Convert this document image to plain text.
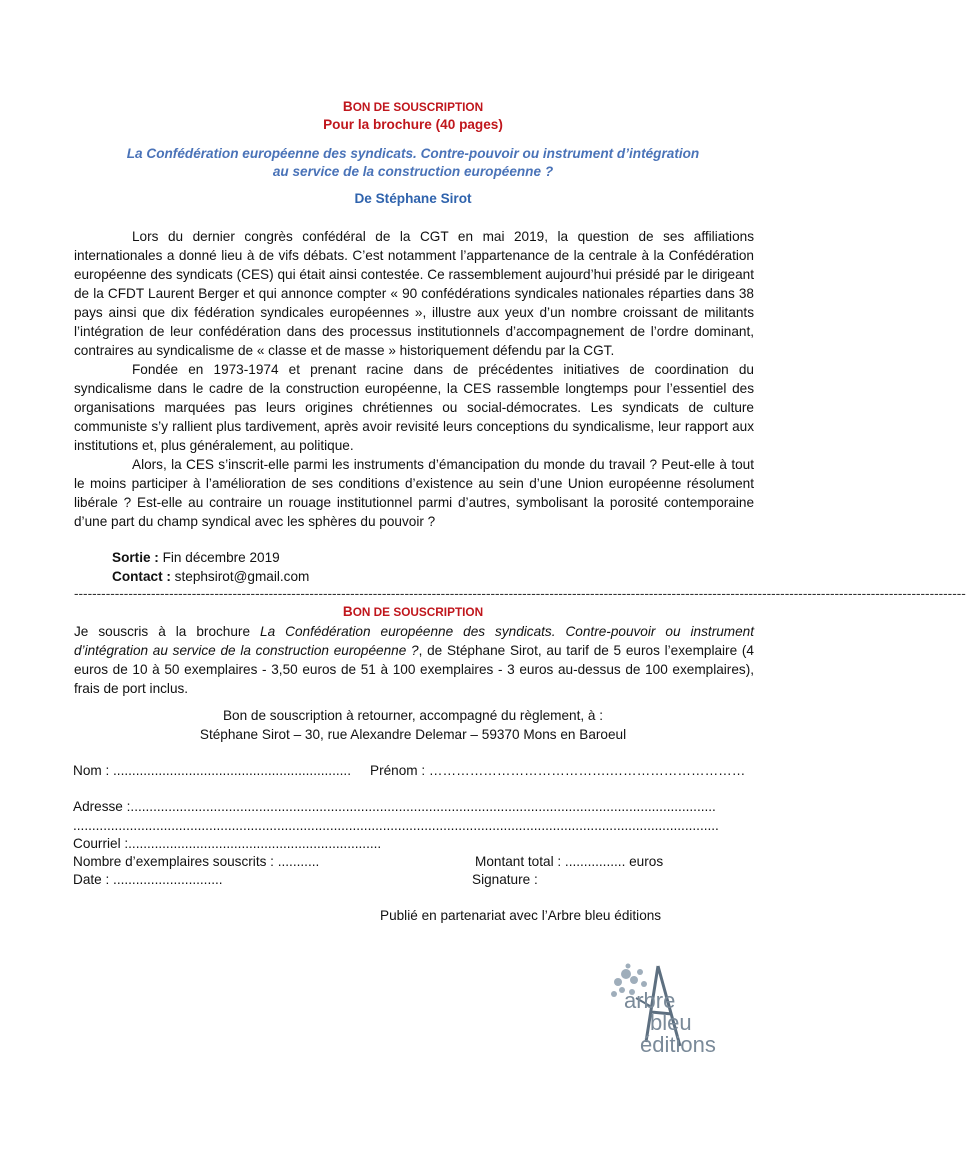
BON DE SOUSCRIPTION
Pour la brochure (40 pages)
La Confédération européenne des syndicats. Contre-pouvoir ou instrument d’intégration
au service de la construction européenne ?
De Stéphane Sirot

Lors du dernier congrès confédéral de la CGT en mai 2019, la question de ses affiliations internationales a donné lieu à de vifs débats. C’est notamment l’appartenance de la centrale à la Confédération européenne des syndicats (CES) qui était ainsi contestée. Ce rassemblement aujourd’hui présidé par le dirigeant de la CFDT Laurent Berger et qui annonce compter « 90 confédérations syndicales nationales réparties dans 38 pays ainsi que dix fédération syndicales européennes », illustre aux yeux d’un nombre croissant de militants l’intégration de leur confédération dans des processus institutionnels d’accompagnement de l’ordre dominant, contraires au syndicalisme de « classe et de masse » historiquement défendu par la CGT.

Fondée en 1973-1974 et prenant racine dans de précédentes initiatives de coordination du syndicalisme dans le cadre de la construction européenne, la CES rassemble longtemps pour l’essentiel des organisations marquées pas leurs origines chrétiennes ou social-démocrates. Les syndicats de culture communiste s’y rallient plus tardivement, après avoir revisité leurs conceptions du syndicalisme, leur rapport aux institutions et, plus généralement, au politique.

Alors, la CES s’inscrit-elle parmi les instruments d’émancipation du monde du travail ? Peut-elle à tout le moins participer à l’amélioration de ses conditions d’existence au sein d’une Union européenne résolument libérale ? Est-elle au contraire un rouage institutionnel parmi d’autres, symbolisant la porosité contemporaine d’une part du champ syndical avec les sphères du pouvoir ?

Sortie : Fin décembre 2019
Contact : stephsirot@gmail.com
-----------------------------------------------------------------------------------------------------------------------------------------------------------------------------------------------------
BON DE SOUSCRIPTION
Je souscris à la brochure La Confédération européenne des syndicats. Contre-pouvoir ou instrument d’intégration au service de la construction européenne ?, de Stéphane Sirot, au tarif de 5 euros l’exemplaire (4 euros de 10 à 50 exemplaires - 3,50 euros de 51 à 100 exemplaires - 3 euros au-dessus de 100 exemplaires), frais de port inclus.
Bon de souscription à retourner, accompagné du règlement, à :
Stéphane Sirot – 30, rue Alexandre Delemar – 59370 Mons en Baroeul
Nom : ............................................................... Prénom : ………………………………….…………………………
Adresse :...........................................................................................................................................................
...........................................................................................................................................................................
Courriel :...................................................................
Nombre d’exemplaires souscrits : ...........	Montant total : ................ euros
Date : .............................	Signature :
Publié en partenariat avec l’Arbre bleu éditions
arbre
bleu
éditions
